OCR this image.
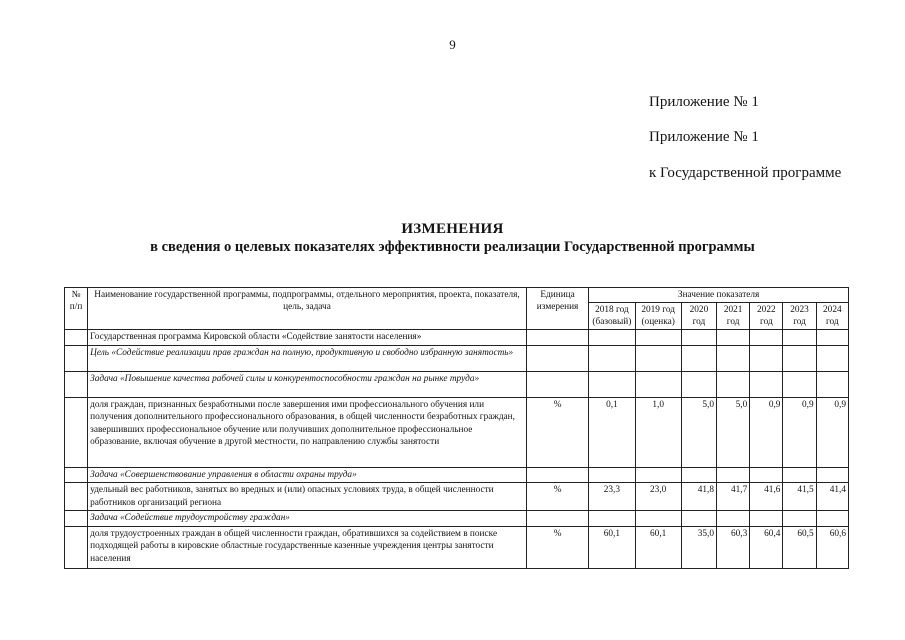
9
Приложение № 1
Приложение № 1
к Государственной программе
ИЗМЕНЕНИЯ
в сведения о целевых показателях эффективности реализации Государственной программы
№ п/п	Наименование государственной программы, подпрограммы, отдельного мероприятия, проекта, показателя, цель, задача	Единица измерения	Значение показателя						
			2018 год (базовый)	2019 год (оценка)	2020 год	2021 год	2022 год	2023 год	2024 год
	Государственная программа Кировской области «Содействие занятости населения»								
	Цель «Содействие реализации прав граждан на полную, продуктивную и свободно избранную занятость»								
	Задача «Повышение качества рабочей силы и конкурентоспособности граждан на рынке труда»								
	доля граждан, признанных безработными после завершения ими профессионального обучения или получения дополнительного профессионального образования, в общей численности безработных граждан, завершивших профессиональное обучение или получивших дополнительное профессиональное образование, включая обучение в другой местности, по направлению службы занятости	%	0,1	1,0	5,0	5,0	0,9	0,9	0,9
	Задача «Совершенствование управления в области охраны труда»								
	удельный вес работников, занятых во вредных и (или) опасных условиях труда, в общей численности работников организаций региона	%	23,3	23,0	41,8	41,7	41,6	41,5	41,4
	Задача «Содействие трудоустройству граждан»								
	доля трудоустроенных граждан в общей численности граждан, обратившихся за содействием в поиске подходящей работы в кировские областные государственные казенные учреждения центры занятости населения	%	60,1	60,1	35,0	60,3	60,4	60,5	60,6
